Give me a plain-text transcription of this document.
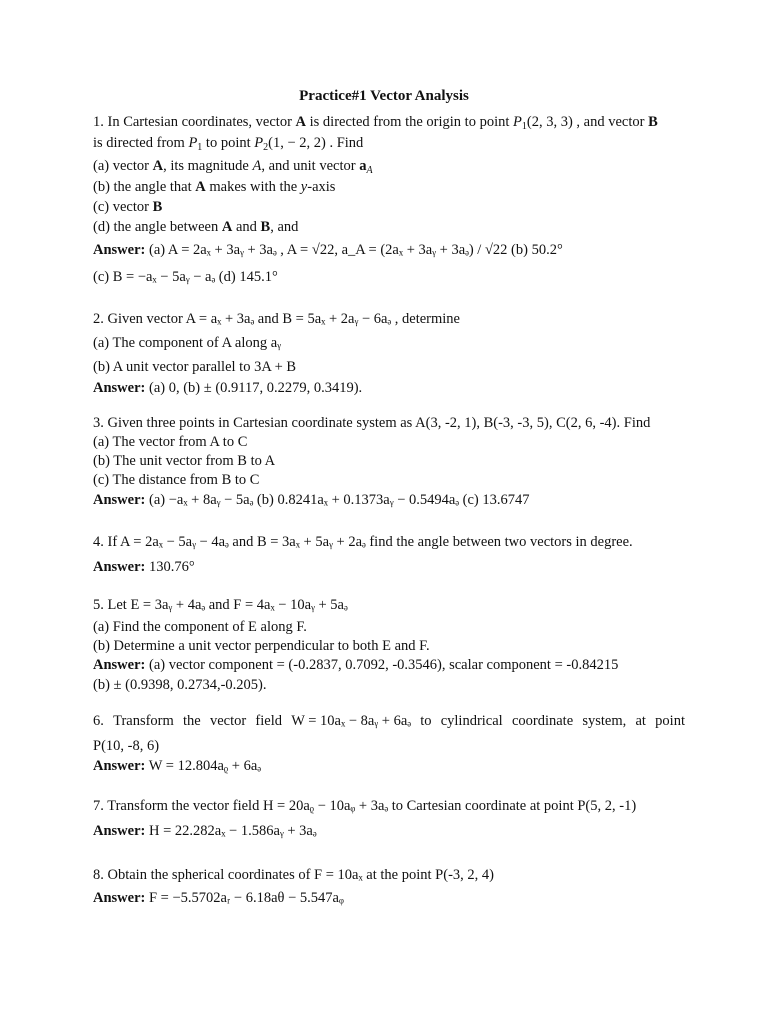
Practice#1 Vector Analysis
1. In Cartesian coordinates, vector A is directed from the origin to point $P_1(2$, 3, 3) , and vector B
is directed from $P_1$ to point $P_2(1$, − 2, 2) . Find
(a) vector A, its magnitude A, and unit vector $a_A$
(b) the angle that A makes with the y-axis
(c) vector B
(d) the angle between A and B, and
Answer: (a) A = 2aₓ + 3aᵧ + 3aₔ , A = √22, a_A = (2aₓ + 3aᵧ + 3aₔ) / √22 (b) 50.2°
(c) B = −aₓ − 5aᵧ − aₔ (d) 145.1°
2. Given vector A = aₓ + 3aₔ and B = 5aₓ + 2aᵧ − 6aₔ , determine
(a) The component of A along aᵧ
(b) A unit vector parallel to 3A + B
Answer: (a) 0, (b) ± (0.9117, 0.2279, 0.3419).
3. Given three points in Cartesian coordinate system as A(3, -2, 1), B(-3, -3, 5), C(2, 6, -4). Find
(a) The vector from A to C
(b) The unit vector from B to A
(c) The distance from B to C
Answer: (a) −aₓ + 8aᵧ − 5aₔ (b) 0.8241aₓ + 0.1373aᵧ − 0.5494aₔ (c) 13.6747
4. If A = 2aₓ − 5aᵧ − 4aₔ and B = 3aₓ + 5aᵧ + 2aₔ find the angle between two vectors in degree.
Answer: 130.76°
5. Let E = 3aᵧ + 4aₔ and F = 4aₓ − 10aᵧ + 5aₔ
(a) Find the component of E along F.
(b) Determine a unit vector perpendicular to both E and F.
Answer: (a) vector component = (-0.2837, 0.7092, -0.3546), scalar component = -0.84215
(b) ± (0.9398, 0.2734,-0.205).
6. Transform the vector field W = 10aₓ − 8aᵧ + 6aₔ to cylindrical coordinate system, at point
P(10, -8, 6)
Answer: W = 12.804aᵨ + 6aₔ
7. Transform the vector field H = 20aᵨ − 10aᵩ + 3aₔ to Cartesian coordinate at point P(5, 2, -1)
Answer: H = 22.282aₓ − 1.586aᵧ + 3aₔ
8. Obtain the spherical coordinates of F = 10aₓ at the point P(-3, 2, 4)
Answer: F = −5.5702aᵣ − 6.18aθ − 5.547aᵩ
